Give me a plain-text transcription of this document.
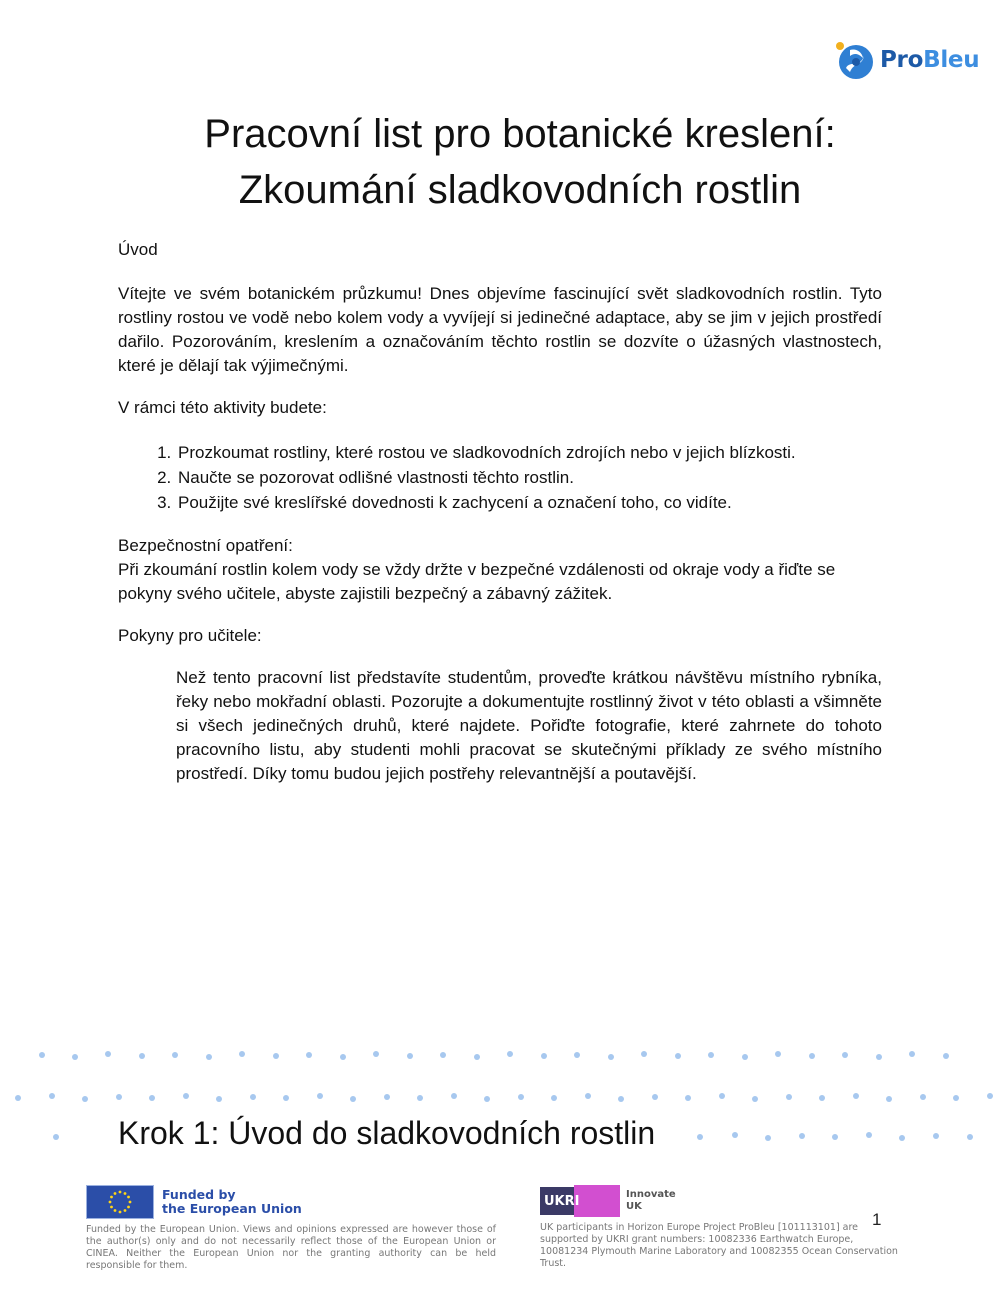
ProBleu
Pracovní list pro botanické kreslení:
Zkoumání sladkovodních rostlin

Úvod

Vítejte ve svém botanickém průzkumu! Dnes objevíme fascinující svět sladkovodních rostlin. Tyto rostliny rostou ve vodě nebo kolem vody a vyvíjejí si jedinečné adaptace, aby se jim v jejich prostředí dařilo. Pozorováním, kreslením a označováním těchto rostlin se dozvíte o úžasných vlastnostech, které je dělají tak výjimečnými.

V rámci této aktivity budete:

1. Prozkoumat rostliny, které rostou ve sladkovodních zdrojích nebo v jejich blízkosti.
2. Naučte se pozorovat odlišné vlastnosti těchto rostlin.
3. Použijte své kreslířské dovednosti k zachycení a označení toho, co vidíte.

Bezpečnostní opatření:

Při zkoumání rostlin kolem vody se vždy držte v bezpečné vzdálenosti od okraje vody a řiďte se pokyny svého učitele, abyste zajistili bezpečný a zábavný zážitek.

Pokyny pro učitele:

Než tento pracovní list představíte studentům, proveďte krátkou návštěvu místního rybníka, řeky nebo mokřadní oblasti. Pozorujte a dokumentujte rostlinný život v této oblasti a všimněte si všech jedinečných druhů, které najdete. Pořiďte fotografie, které zahrnete do tohoto pracovního listu, aby studenti mohli pracovat se skutečnými příklady ze svého místního prostředí. Díky tomu budou jejich postřehy relevantnější a poutavější.

Krok 1: Úvod do sladkovodních rostlin
Funded by
the European Union
Funded by the European Union. Views and opinions expressed are however those of the author(s) only and do not necessarily reflect those of the European Union or CINEA. Neither the European Union nor the granting authority can be held responsible for them.
UKRI	Innovate
UK
UK participants in Horizon Europe Project ProBleu [101113101] are supported by UKRI grant numbers: 10082336 Earthwatch Europe, 10081234 Plymouth Marine Laboratory and 10082355 Ocean Conservation Trust.
1
